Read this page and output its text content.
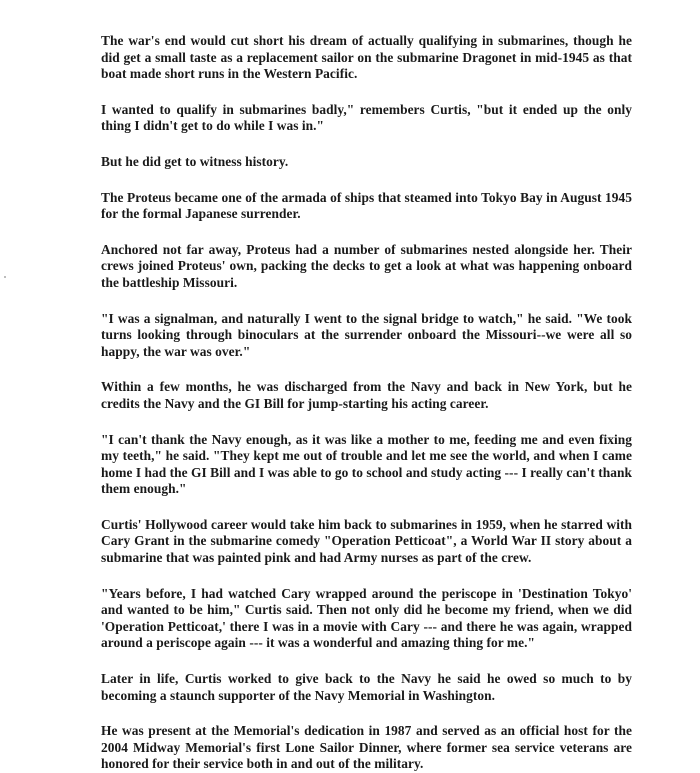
The war's end would cut short his dream of actually qualifying in submarines, though he did get a small taste as a replacement sailor on the submarine Dragonet in mid-1945 as that boat made short runs in the Western Pacific.

I wanted to qualify in submarines badly," remembers Curtis, "but it ended up the only thing I didn't get to do while I was in."

But he did get to witness history.

The Proteus became one of the armada of ships that steamed into Tokyo Bay in August 1945 for the formal Japanese surrender.

Anchored not far away, Proteus had a number of submarines nested alongside her. Their crews joined Proteus' own, packing the decks to get a look at what was happening onboard the battleship Missouri.

"I was a signalman, and naturally I went to the signal bridge to watch," he said. "We took turns looking through binoculars at the surrender onboard the Missouri--we were all so happy, the war was over."

Within a few months, he was discharged from the Navy and back in New York, but he credits the Navy and the GI Bill for jump-starting his acting career.

"I can't thank the Navy enough, as it was like a mother to me, feeding me and even fixing my teeth," he said. "They kept me out of trouble and let me see the world, and when I came home I had the GI Bill and I was able to go to school and study acting --- I really can't thank them enough."

Curtis' Hollywood career would take him back to submarines in 1959, when he starred with Cary Grant in the submarine comedy "Operation Petticoat", a World War II story about a submarine that was painted pink and had Army nurses as part of the crew.

"Years before, I had watched Cary wrapped around the periscope in 'Destination Tokyo' and wanted to be him," Curtis said. Then not only did he become my friend, when we did 'Operation Petticoat,' there I was in a movie with Cary --- and there he was again, wrapped around a periscope again --- it was a wonderful and amazing thing for me."

Later in life, Curtis worked to give back to the Navy he said he owed so much to by becoming a staunch supporter of the Navy Memorial in Washington.

He was present at the Memorial's dedication in 1987 and served as an official host for the 2004 Midway Memorial's first Lone Sailor Dinner, where former sea service veterans are honored for their service both in and out of the military.
